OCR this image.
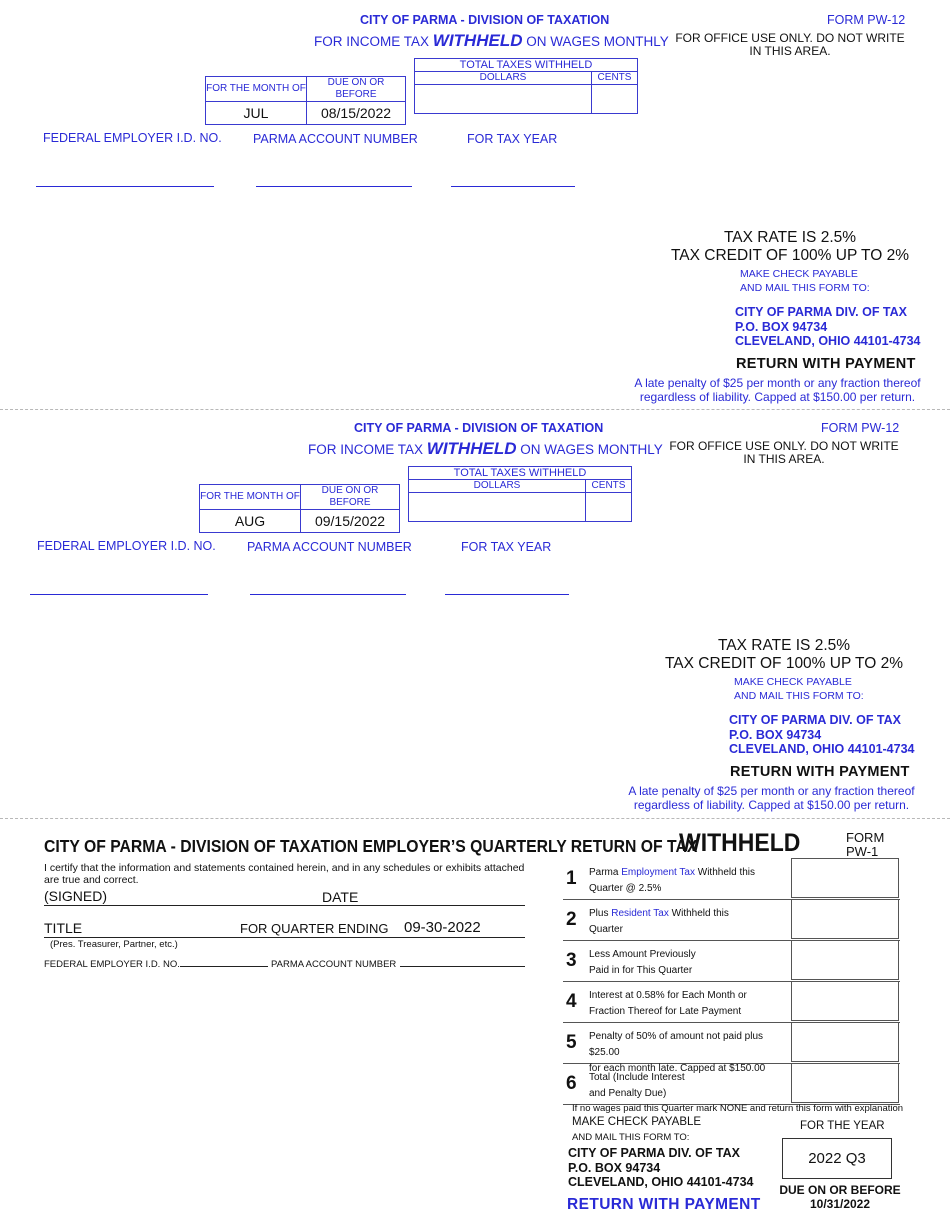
CITY OF PARMA - DIVISION OF TAXATION
FOR INCOME TAX WITHHELD ON WAGES MONTHLY
FORM PW-12
FOR OFFICE USE ONLY. DO NOT WRITE
IN THIS AREA.
FOR THE MONTH OF	DUE ON OR BEFORE
JUL	08/15/2022
TOTAL TAXES WITHHELD	
DOLLARS	CENTS

FEDERAL EMPLOYER I.D. NO.	PARMA ACCOUNT NUMBER	FOR TAX YEAR
TAX RATE IS 2.5%
TAX CREDIT OF 100% UP TO 2%
MAKE CHECK PAYABLE
AND MAIL THIS FORM TO:
CITY OF PARMA DIV. OF TAX
P.O. BOX 94734
CLEVELAND, OHIO 44101-4734
RETURN WITH PAYMENT
A late penalty of $25 per month or any fraction thereof
regardless of liability. Capped at $150.00 per return.
CITY OF PARMA - DIVISION OF TAXATION
FOR INCOME TAX WITHHELD ON WAGES MONTHLY
FORM PW-12
FOR OFFICE USE ONLY. DO NOT WRITE
IN THIS AREA.
FOR THE MONTH OF	DUE ON OR BEFORE
AUG	09/15/2022
TOTAL TAXES WITHHELD	
DOLLARS	CENTS

FEDERAL EMPLOYER I.D. NO.	PARMA ACCOUNT NUMBER	FOR TAX YEAR
TAX RATE IS 2.5%
TAX CREDIT OF 100% UP TO 2%
MAKE CHECK PAYABLE
AND MAIL THIS FORM TO:
CITY OF PARMA DIV. OF TAX
P.O. BOX 94734
CLEVELAND, OHIO 44101-4734
RETURN WITH PAYMENT
A late penalty of $25 per month or any fraction thereof
regardless of liability. Capped at $150.00 per return.
CITY OF PARMA - DIVISION OF TAXATION EMPLOYER’S QUARTERLY RETURN OF TAX
WITHHELD	FORM
PW-1
I certify that the information and statements contained herein, and in any schedules or exhibits attached are true and correct.
(SIGNED)	DATE
TITLE	FOR QUARTER ENDING 09-30-2022
(Pres. Treasurer, Partner, etc.)
FEDERAL EMPLOYER I.D. NO.	PARMA ACCOUNT NUMBER
1 Parma Employment Tax Withheld this
Quarter @ 2.5%
2 Plus Resident Tax Withheld this
Quarter
3 Less Amount Previously
Paid in for This Quarter
4 Interest at 0.58% for Each Month or
Fraction Thereof for Late Payment
5 Penalty of 50% of amount not paid plus $25.00
for each month late. Capped at $150.00
6 Total (Include Interest
and Penalty Due)
If no wages paid this Quarter mark NONE and return this form with explanation
MAKE CHECK PAYABLE
AND MAIL THIS FORM TO:
CITY OF PARMA DIV. OF TAX
P.O. BOX 94734
CLEVELAND, OHIO 44101-4734
RETURN WITH PAYMENT
FOR THE YEAR
2022 Q3
DUE ON OR BEFORE
10/31/2022
